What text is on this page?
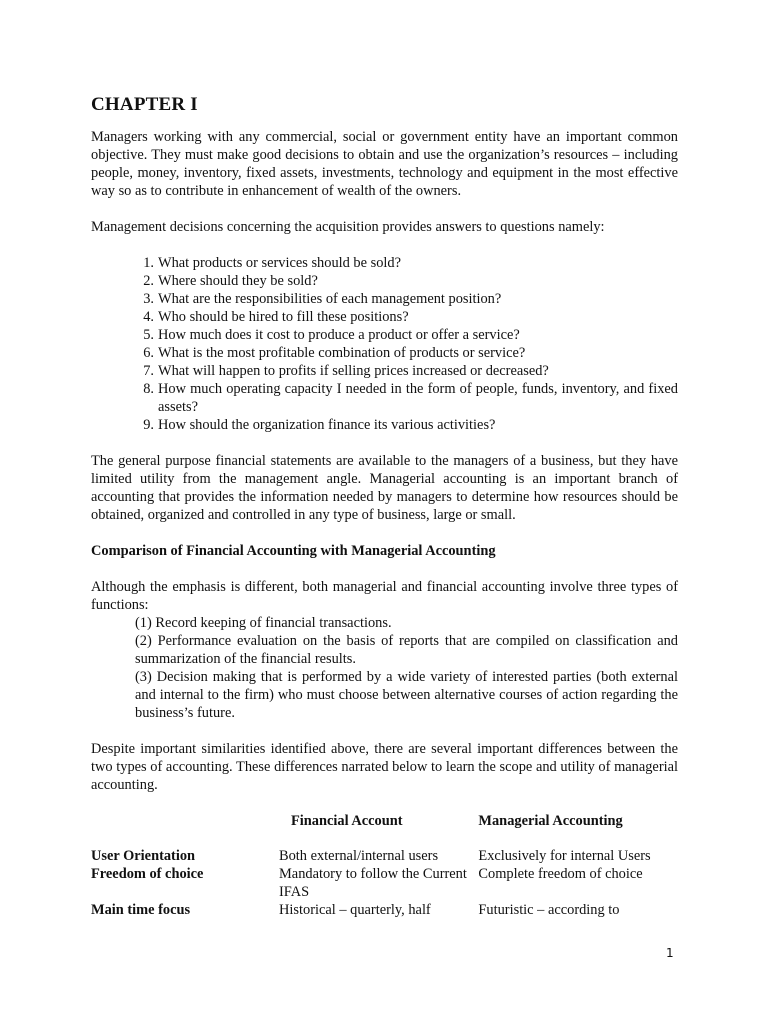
CHAPTER I

Managers working with any commercial, social or government entity have an important common objective. They must make good decisions to obtain and use the organization’s resources – including people, money, inventory, fixed assets, investments, technology and equipment in the most effective way so as to contribute in enhancement of wealth of the owners.

Management decisions concerning the acquisition provides answers to questions namely:

1. What products or services should be sold?
2. Where should they be sold?
3. What are the responsibilities of each management position?
4. Who should be hired to fill these positions?
5. How much does it cost to produce a product or offer a service?
6. What is the most profitable combination of products or service?
7. What will happen to profits if selling prices increased or decreased?
8. How much operating capacity I needed in the form of people, funds, inventory, and fixed assets?
9. How should the organization finance its various activities?

The general purpose financial statements are available to the managers of a business, but they have limited utility from the management angle. Managerial accounting is an important branch of accounting that provides the information needed by managers to determine how resources should be obtained, organized and controlled in any type of business, large or small.

Comparison of Financial Accounting with Managerial Accounting

Although the emphasis is different, both managerial and financial accounting involve three types of functions:

(1) Record keeping of financial transactions.
(2) Performance evaluation on the basis of reports that are compiled on classification and summarization of the financial results.
(3) Decision making that is performed by a wide variety of interested parties (both external and internal to the firm) who must choose between alternative courses of action regarding the business’s future.

Despite important similarities identified above, there are several important differences between the two types of accounting. These differences narrated below to learn the scope and utility of managerial accounting.

	Financial Account	Managerial Accounting
User Orientation	Both external/internal users	Exclusively for internal Users
Freedom of choice	Mandatory to follow the Current IFAS	Complete freedom of choice
Main time focus	Historical – quarterly, half	Futuristic – according to
1
